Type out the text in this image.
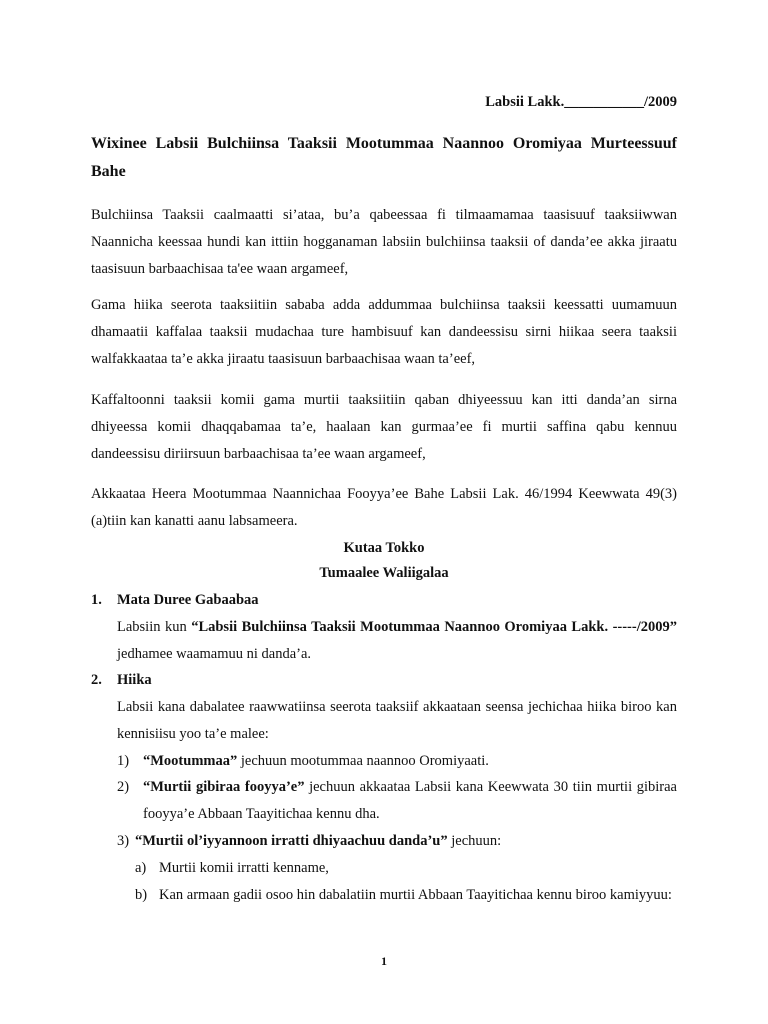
Labsii Lakk.___________/2009
Wixinee Labsii Bulchiinsa Taaksii Mootummaa Naannoo Oromiyaa Murteessuuf Bahe
Bulchiinsa Taaksii caalmaatti si’ataa, bu’a qabeessaa fi tilmaamamaa taasisuuf taaksiiwwan Naannicha keessaa hundi kan ittiin hogganaman labsiin bulchiinsa taaksii of danda’ee akka jiraatu taasisuun barbaachisaa ta'ee waan argameef,
Gama hiika seerota taaksiitiin sababa adda addummaa bulchiinsa taaksii keessatti uumamuun dhamaatii kaffalaa taaksii mudachaa ture hambisuuf kan dandeessisu sirni hiikaa seera taaksii walfakkaataa ta’e akka jiraatu taasisuun barbaachisaa waan ta’eef,
Kaffaltoonni taaksii komii gama murtii taaksiitiin qaban dhiyeessuu kan itti danda’an sirna dhiyeessa komii dhaqqabamaa ta’e, haalaan kan gurmaa’ee fi murtii saffina qabu kennuu dandeessisu diriirsuun barbaachisaa ta’ee waan argameef,
Akkaataa Heera Mootummaa Naannichaa Fooyya’ee Bahe Labsii Lak. 46/1994 Keewwata 49(3)(a)tiin kan kanatti aanu labsameera.
Kutaa Tokko
Tumaalee Waliigalaa
1.	Mata Duree Gabaabaa
Labsiin kun “Labsii Bulchiinsa Taaksii Mootummaa Naannoo Oromiyaa Lakk. -----/2009” jedhamee waamamuu ni danda’a.
2.	Hiika
Labsii kana dabalatee raawwatiinsa seerota taaksiif akkaataan seensa jechichaa hiika biroo kan kennisiisu yoo ta’e malee:
1) “Mootummaa” jechuun mootummaa naannoo Oromiyaati.
2) “Murtii gibiraa fooyya’e” jechuun akkaataa Labsii kana Keewwata 30 tiin murtii gibiraa fooyya’e Abbaan Taayitichaa kennu dha.
3) “Murtii ol’iyyannoon irratti dhiyaachuu danda’u” jechuun:
a) Murtii komii irratti kenname,
b) Kan armaan gadii osoo hin dabalatiin murtii Abbaan Taayitichaa kennu biroo kamiyyuu:
1
